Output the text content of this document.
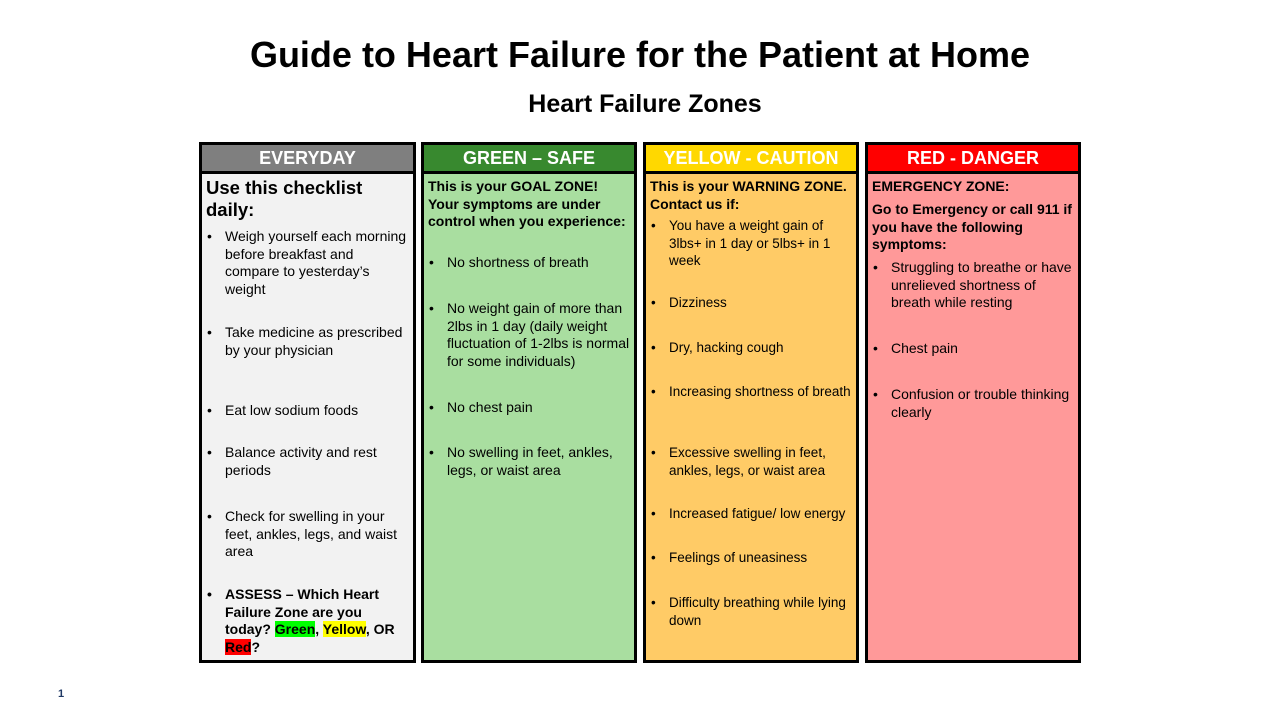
Guide to Heart Failure for the Patient at Home
Heart Failure Zones
EVERYDAY
Use this checklist daily:
• Weigh yourself each morning before breakfast and compare to yesterday’s weight
• Take medicine as prescribed by your physician
• Eat low sodium foods
• Balance activity and rest periods
• Check for swelling in your feet, ankles, legs, and waist area
• ASSESS – Which Heart Failure Zone are you today? Green, Yellow, OR Red?
GREEN – SAFE
This is your GOAL ZONE! Your symptoms are under control when you experience:
• No shortness of breath
• No weight gain of more than 2lbs in 1 day (daily weight fluctuation of 1-2lbs is normal for some individuals)
• No chest pain
• No swelling in feet, ankles, legs, or waist area
YELLOW - CAUTION
This is your WARNING ZONE. Contact us if:
• You have a weight gain of 3lbs+ in 1 day or 5lbs+ in 1 week
• Dizziness
• Dry, hacking cough
• Increasing shortness of breath
• Excessive swelling in feet, ankles, legs, or waist area
• Increased fatigue/ low energy
• Feelings of uneasiness
• Difficulty breathing while lying down
RED - DANGER
EMERGENCY ZONE:
Go to Emergency or call 911 if you have the following symptoms:
• Struggling to breathe or have unrelieved shortness of breath while resting
• Chest pain
• Confusion or trouble thinking clearly
1
